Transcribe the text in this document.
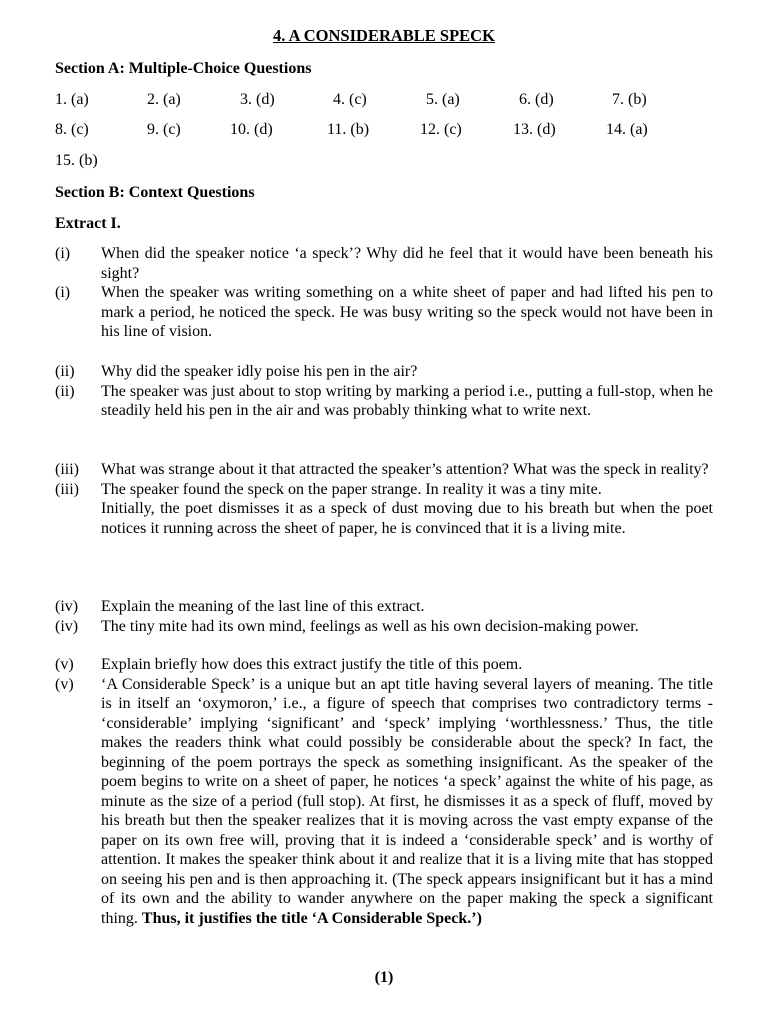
4. A CONSIDERABLE SPECK
Section A: Multiple-Choice Questions
1. (a)	2. (a)	3. (d)	4. (c)	5. (a)	6. (d)	7. (b)
8. (c)	9. (c)	10. (d)	11. (b)	12. (c)	13. (d)	14. (a)
15. (b)
Section B: Context Questions
Extract I.
(i)	When did the speaker notice ‘a speck’? Why did he feel that it would have been beneath his sight?
(i)	When the speaker was writing something on a white sheet of paper and had lifted his pen to mark a period, he noticed the speck. He was busy writing so the speck would not have been in his line of vision.
(ii)	Why did the speaker idly poise his pen in the air?
(ii)	The speaker was just about to stop writing by marking a period i.e., putting a full-stop, when he steadily held his pen in the air and was probably thinking what to write next.
(iii)	What was strange about it that attracted the speaker’s attention? What was the speck in reality?
(iii)	The speaker found the speck on the paper strange. In reality it was a tiny mite.
Initially, the poet dismisses it as a speck of dust moving due to his breath but when the poet notices it running across the sheet of paper, he is convinced that it is a living mite.
(iv)	Explain the meaning of the last line of this extract.
(iv)	The tiny mite had its own mind, feelings as well as his own decision-making power.
(v)	Explain briefly how does this extract justify the title of this poem.
(v)	‘A Considerable Speck’ is a unique but an apt title having several layers of meaning. The title is in itself an ‘oxymoron,’ i.e., a figure of speech that comprises two contradictory terms - ‘considerable’ implying ‘significant’ and ‘speck’ implying ‘worthlessness.’ Thus, the title makes the readers think what could possibly be considerable about the speck? In fact, the beginning of the poem portrays the speck as something insignificant. As the speaker of the poem begins to write on a sheet of paper, he notices ‘a speck’ against the white of his page, as minute as the size of a period (full stop). At first, he dismisses it as a speck of fluff, moved by his breath but then the speaker realizes that it is moving across the vast empty expanse of the paper on its own free will, proving that it is indeed a ‘considerable speck’ and is worthy of attention. It makes the speaker think about it and realize that it is a living mite that has stopped on seeing his pen and is then approaching it. (The speck appears insignificant but it has a mind of its own and the ability to wander anywhere on the paper making the speck a significant thing. Thus, it justifies the title ‘A Considerable Speck.’)
(1)
